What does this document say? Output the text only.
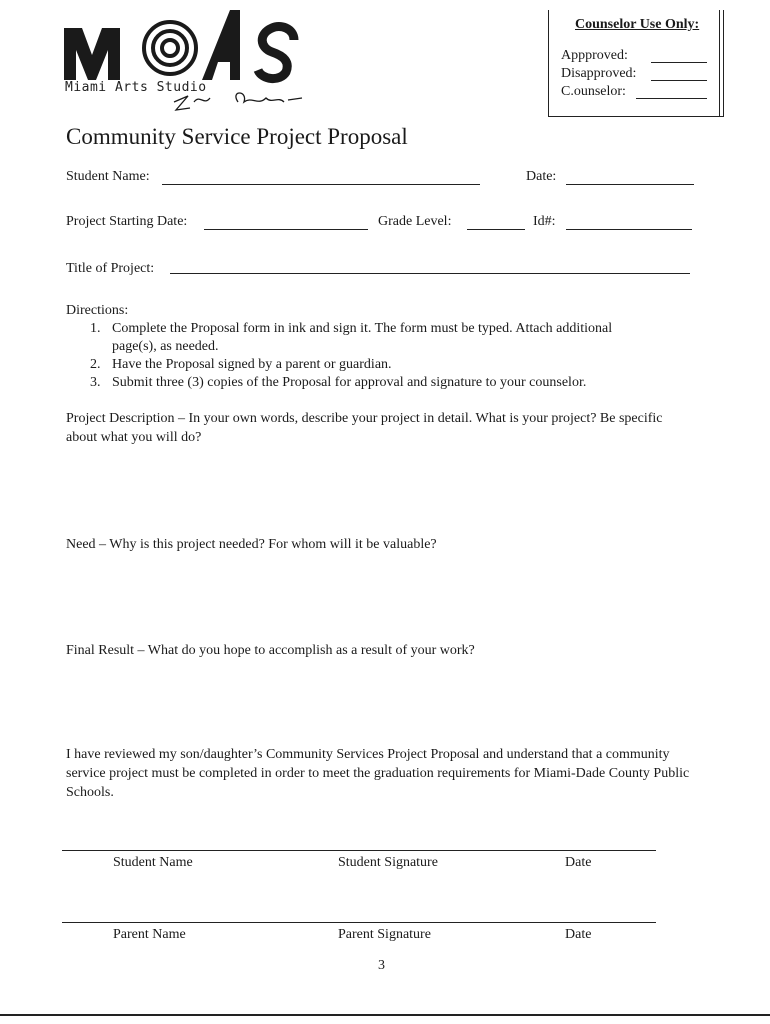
Miami Arts Studio
Counselor Use Only:
Appproved:
Disapproved:
C.ounselor:
Community Service Project Proposal
Student Name:	Date:
Project Starting Date:	Grade Level:	Id#:
Title of Project:
Directions:
1. Complete the Proposal form in ink and sign it. The form must be typed. Attach additional
page(s), as needed.
2. Have the Proposal signed by a parent or guardian.
3. Submit three (3) copies of the Proposal for approval and signature to your counselor.
Project Description – In your own words, describe your project in detail. What is your project? Be specific about what you will do?
Need – Why is this project needed? For whom will it be valuable?
Final Result – What do you hope to accomplish as a result of your work?
I have reviewed my son/daughter’s Community Services Project Proposal and understand that a community service project must be completed in order to meet the graduation requirements for Miami-Dade County Public Schools.
Student Name	Student Signature	Date
Parent Name	Parent Signature	Date
3
